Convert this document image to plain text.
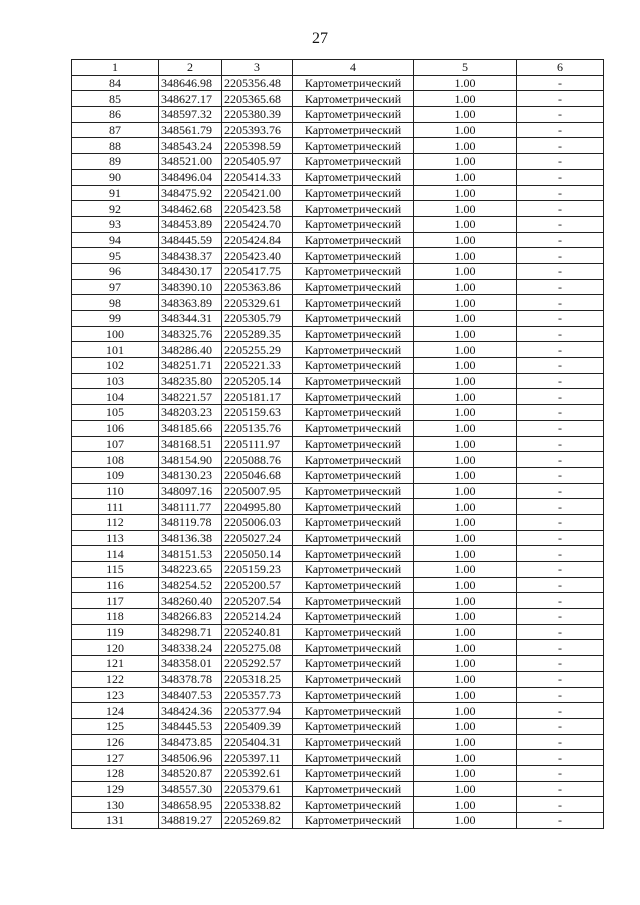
27
1	2	3	4	5	6
84	348646.98	2205356.48	Картометрический	1.00	-
85	348627.17	2205365.68	Картометрический	1.00	-
86	348597.32	2205380.39	Картометрический	1.00	-
87	348561.79	2205393.76	Картометрический	1.00	-
88	348543.24	2205398.59	Картометрический	1.00	-
89	348521.00	2205405.97	Картометрический	1.00	-
90	348496.04	2205414.33	Картометрический	1.00	-
91	348475.92	2205421.00	Картометрический	1.00	-
92	348462.68	2205423.58	Картометрический	1.00	-
93	348453.89	2205424.70	Картометрический	1.00	-
94	348445.59	2205424.84	Картометрический	1.00	-
95	348438.37	2205423.40	Картометрический	1.00	-
96	348430.17	2205417.75	Картометрический	1.00	-
97	348390.10	2205363.86	Картометрический	1.00	-
98	348363.89	2205329.61	Картометрический	1.00	-
99	348344.31	2205305.79	Картометрический	1.00	-
100	348325.76	2205289.35	Картометрический	1.00	-
101	348286.40	2205255.29	Картометрический	1.00	-
102	348251.71	2205221.33	Картометрический	1.00	-
103	348235.80	2205205.14	Картометрический	1.00	-
104	348221.57	2205181.17	Картометрический	1.00	-
105	348203.23	2205159.63	Картометрический	1.00	-
106	348185.66	2205135.76	Картометрический	1.00	-
107	348168.51	2205111.97	Картометрический	1.00	-
108	348154.90	2205088.76	Картометрический	1.00	-
109	348130.23	2205046.68	Картометрический	1.00	-
110	348097.16	2205007.95	Картометрический	1.00	-
111	348111.77	2204995.80	Картометрический	1.00	-
112	348119.78	2205006.03	Картометрический	1.00	-
113	348136.38	2205027.24	Картометрический	1.00	-
114	348151.53	2205050.14	Картометрический	1.00	-
115	348223.65	2205159.23	Картометрический	1.00	-
116	348254.52	2205200.57	Картометрический	1.00	-
117	348260.40	2205207.54	Картометрический	1.00	-
118	348266.83	2205214.24	Картометрический	1.00	-
119	348298.71	2205240.81	Картометрический	1.00	-
120	348338.24	2205275.08	Картометрический	1.00	-
121	348358.01	2205292.57	Картометрический	1.00	-
122	348378.78	2205318.25	Картометрический	1.00	-
123	348407.53	2205357.73	Картометрический	1.00	-
124	348424.36	2205377.94	Картометрический	1.00	-
125	348445.53	2205409.39	Картометрический	1.00	-
126	348473.85	2205404.31	Картометрический	1.00	-
127	348506.96	2205397.11	Картометрический	1.00	-
128	348520.87	2205392.61	Картометрический	1.00	-
129	348557.30	2205379.61	Картометрический	1.00	-
130	348658.95	2205338.82	Картометрический	1.00	-
131	348819.27	2205269.82	Картометрический	1.00	-
